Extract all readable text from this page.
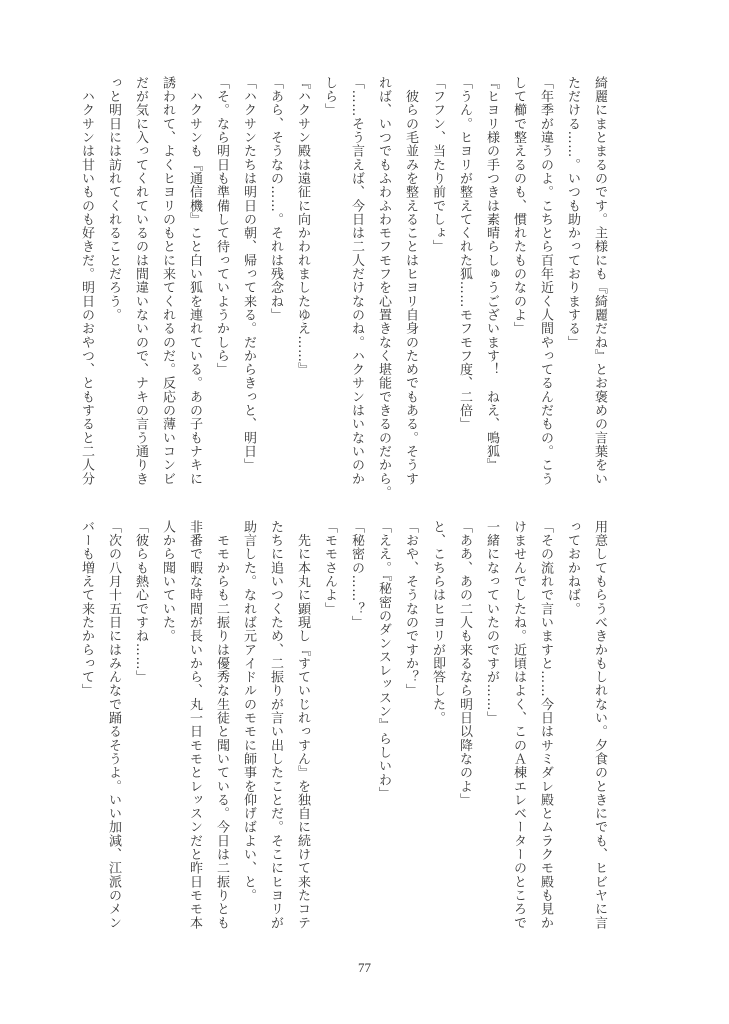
綺麗にまとまるのです。主様にも『綺麗だね』とお褒めの言葉をい
ただける……。いつも助かっておりまする」
「年季が違うのよ。こちとら百年近く人間やってるんだもの。こう
して櫛で整えるのも、慣れたものなのよ」
『ヒヨリ様の手つきは素晴らしゅうございます！　ねえ、鳴狐』
「うん。ヒヨリが整えてくれた狐……モフモフ度、二倍」
「フフン、当たり前でしょ」
　彼らの毛並みを整えることはヒヨリ自身のためでもある。そうす
れば、いつでもふわふわモフモフを心置きなく堪能できるのだから。
「……そう言えば、今日は二人だけなのね。ハクサンはいないのか
しら」
『ハクサン殿は遠征に向かわれましたゆえ……』
「あら、そうなの……。それは残念ね」
「ハクサンたちは明日の朝、帰って来る。だからきっと、明日」
「そ。なら明日も準備して待っていようかしら」
　ハクサンも『通信機』こと白い狐を連れている。あの子もナキに
誘われて、よくヒヨリのもとに来てくれるのだ。反応の薄いコンビ
だが気に入ってくれているのは間違いないので、ナキの言う通りき
っと明日には訪れてくれることだろう。
　ハクサンは甘いものも好きだ。明日のおやつ、ともすると二人分
用意してもらうべきかもしれない。夕食のときにでも、ヒビヤに言
っておかねば。
「その流れで言いますと……今日はサミダレ殿とムラクモ殿も見か
けませんでしたね。近頃はよく、このＡ棟エレベーターのところで
一緒になっていたのですが……」
「ああ、あの二人も来るなら明日以降なのよ」
と、こちらはヒヨリが即答した。
「おや、そうなのですか？」
「ええ。『秘密のダンスレッスン』らしいわ」
「秘密の……？」
「モモさんよ」
　先に本丸に顕現し『すていじれっすん』を独自に続けて来たコテ
たちに追いつくため、二振りが言い出したことだ。そこにヒヨリが
助言した。なれば元アイドルのモモに師事を仰げばよい、と。
　モモからも二振りは優秀な生徒と聞いている。今日は二振りとも
非番で暇な時間が長いから、丸一日モモとレッスンだと昨日モモ本
人から聞いていた。
「彼らも熱心ですね……」
「次の八月十五日にはみんなで踊るそうよ。いい加減、江派のメン
バーも増えて来たからって」
77
